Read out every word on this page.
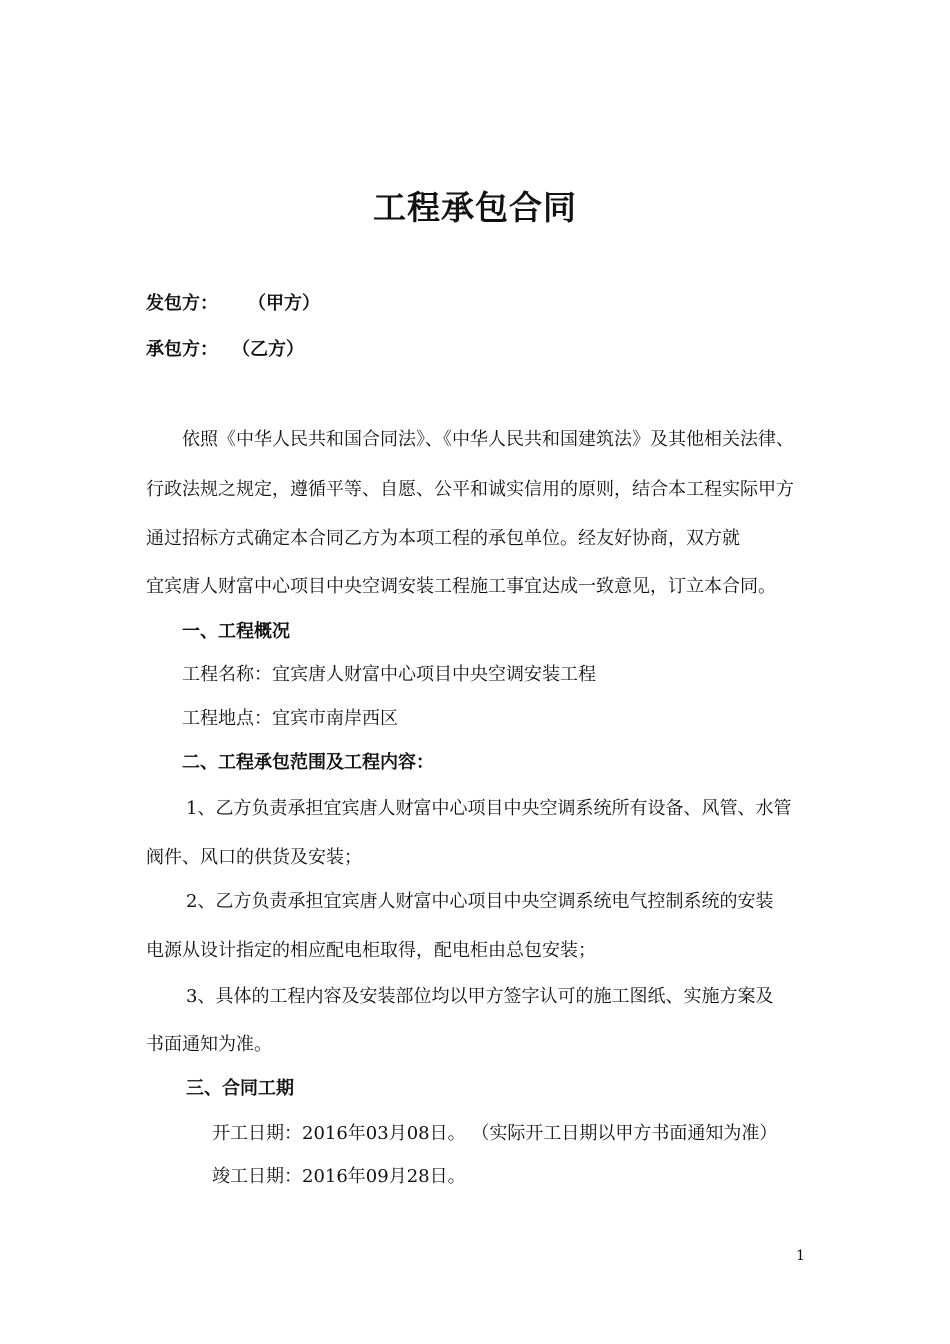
工程承包合同
发包方： （甲方）
承包方： （乙方）
依照《中华人民共和国合同法》、《中华人民共和国建筑法》及其他相关法律、
行政法规之规定，遵循平等、自愿、公平和诚实信用的原则，结合本工程实际甲方
通过招标方式确定本合同乙方为本项工程的承包单位。经友好协商，双方就
宜宾唐人财富中心项目中央空调安装工程施工事宜达成一致意见，订立本合同。
一、工程概况
工程名称：宜宾唐人财富中心项目中央空调安装工程
工程地点：宜宾市南岸西区
二、工程承包范围及工程内容：
1、乙方负责承担宜宾唐人财富中心项目中央空调系统所有设备、风管、水管
阀件、风口的供货及安装；
2、乙方负责承担宜宾唐人财富中心项目中央空调系统电气控制系统的安装
电源从设计指定的相应配电柜取得，配电柜由总包安装；
3、具体的工程内容及安装部位均以甲方签字认可的施工图纸、实施方案及
书面通知为准。
三、合同工期
开工日期：2016年03月08日。 （实际开工日期以甲方书面通知为准）
竣工日期：2016年09月28日。
1
